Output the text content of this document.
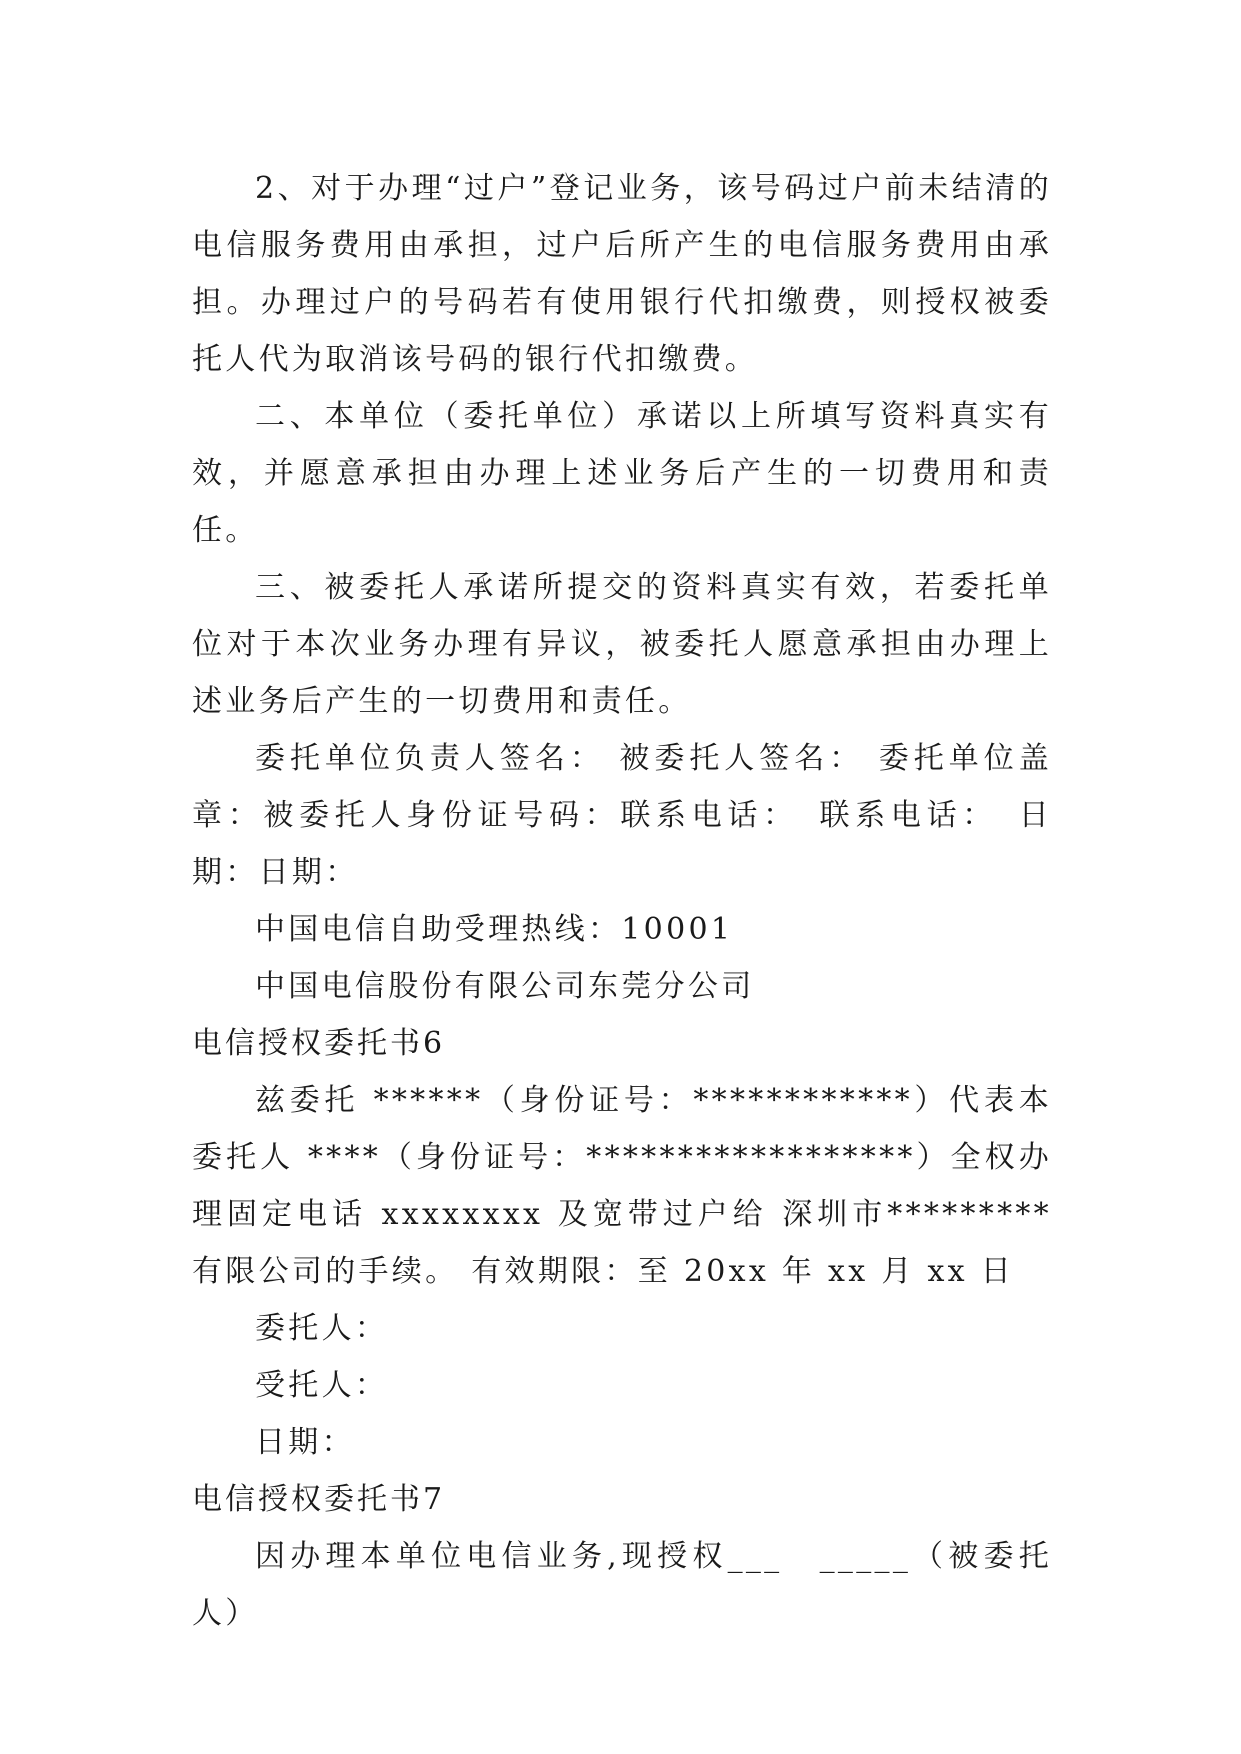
2、对于办理“过户”登记业务，该号码过户前未结清的电信服务费用由承担，过户后所产生的电信服务费用由承担。办理过户的号码若有使用银行代扣缴费，则授权被委托人代为取消该号码的银行代扣缴费。

二、本单位（委托单位）承诺以上所填写资料真实有效，并愿意承担由办理上述业务后产生的一切费用和责任。

三、被委托人承诺所提交的资料真实有效，若委托单位对于本次业务办理有异议，被委托人愿意承担由办理上述业务后产生的一切费用和责任。

委托单位负责人签名： 被委托人签名： 委托单位盖章：被委托人身份证号码：联系电话：　联系电话：　日期：日期：

中国电信自助受理热线：10001

中国电信股份有限公司东莞分公司

电信授权委托书6

兹委托 ******（身份证号：************）代表本委托人 ****（身份证号：******************）全权办理固定电话 xxxxxxxx 及宽带过户给 深圳市*********有限公司的手续。 有效期限：至 20xx 年 xx 月 xx 日

委托人：

受托人：

日期：

电信授权委托书7

因办理本单位电信业务,现授权___　_____（被委托人）
